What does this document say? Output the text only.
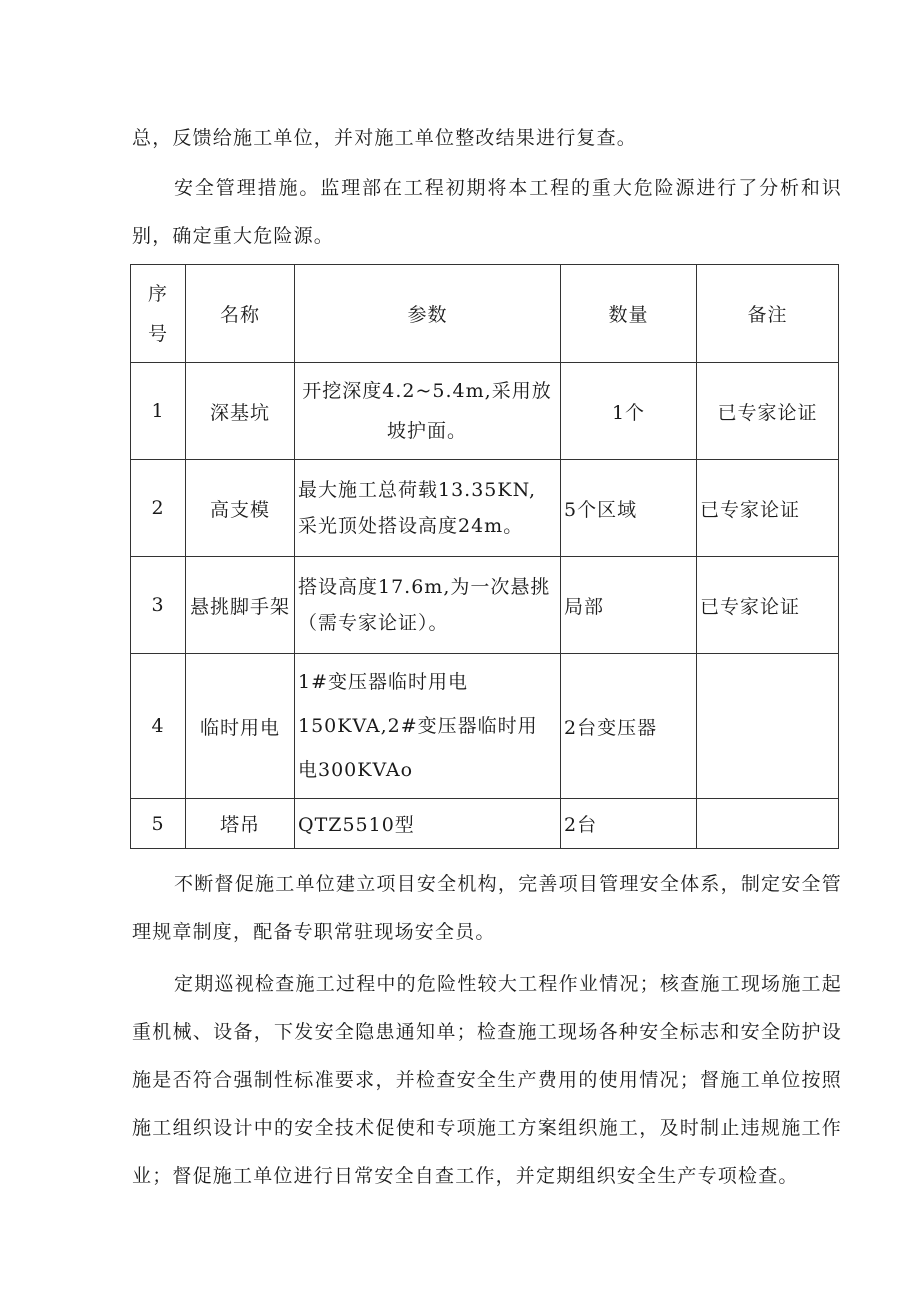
总，反馈给施工单位，并对施工单位整改结果进行复查。

安全管理措施。监理部在工程初期将本工程的重大危险源进行了分析和识别，确定重大危险源。

序号	名称	参数	数量	备注
1	深基坑	开挖深度4.2~5.4m,采用放坡护面。	1个	已专家论证
2	高支模	最大施工总荷载13.35KN,采光顶处搭设高度24m。	5个区域	已专家论证
3	悬挑脚手架	搭设高度17.6m,为一次悬挑（需专家论证）。	局部	已专家论证
4	临时用电	1#变压器临时用电150KVA,2#变压器临时用电300KVAo	2台变压器	
5	塔吊	QTZ5510型	2台	

不断督促施工单位建立项目安全机构，完善项目管理安全体系，制定安全管理规章制度，配备专职常驻现场安全员。

定期巡视检查施工过程中的危险性较大工程作业情况；核查施工现场施工起重机械、设备，下发安全隐患通知单；检查施工现场各种安全标志和安全防护设施是否符合强制性标准要求，并检查安全生产费用的使用情况；督施工单位按照施工组织设计中的安全技术促使和专项施工方案组织施工，及时制止违规施工作业；督促施工单位进行日常安全自查工作，并定期组织安全生产专项检查。
